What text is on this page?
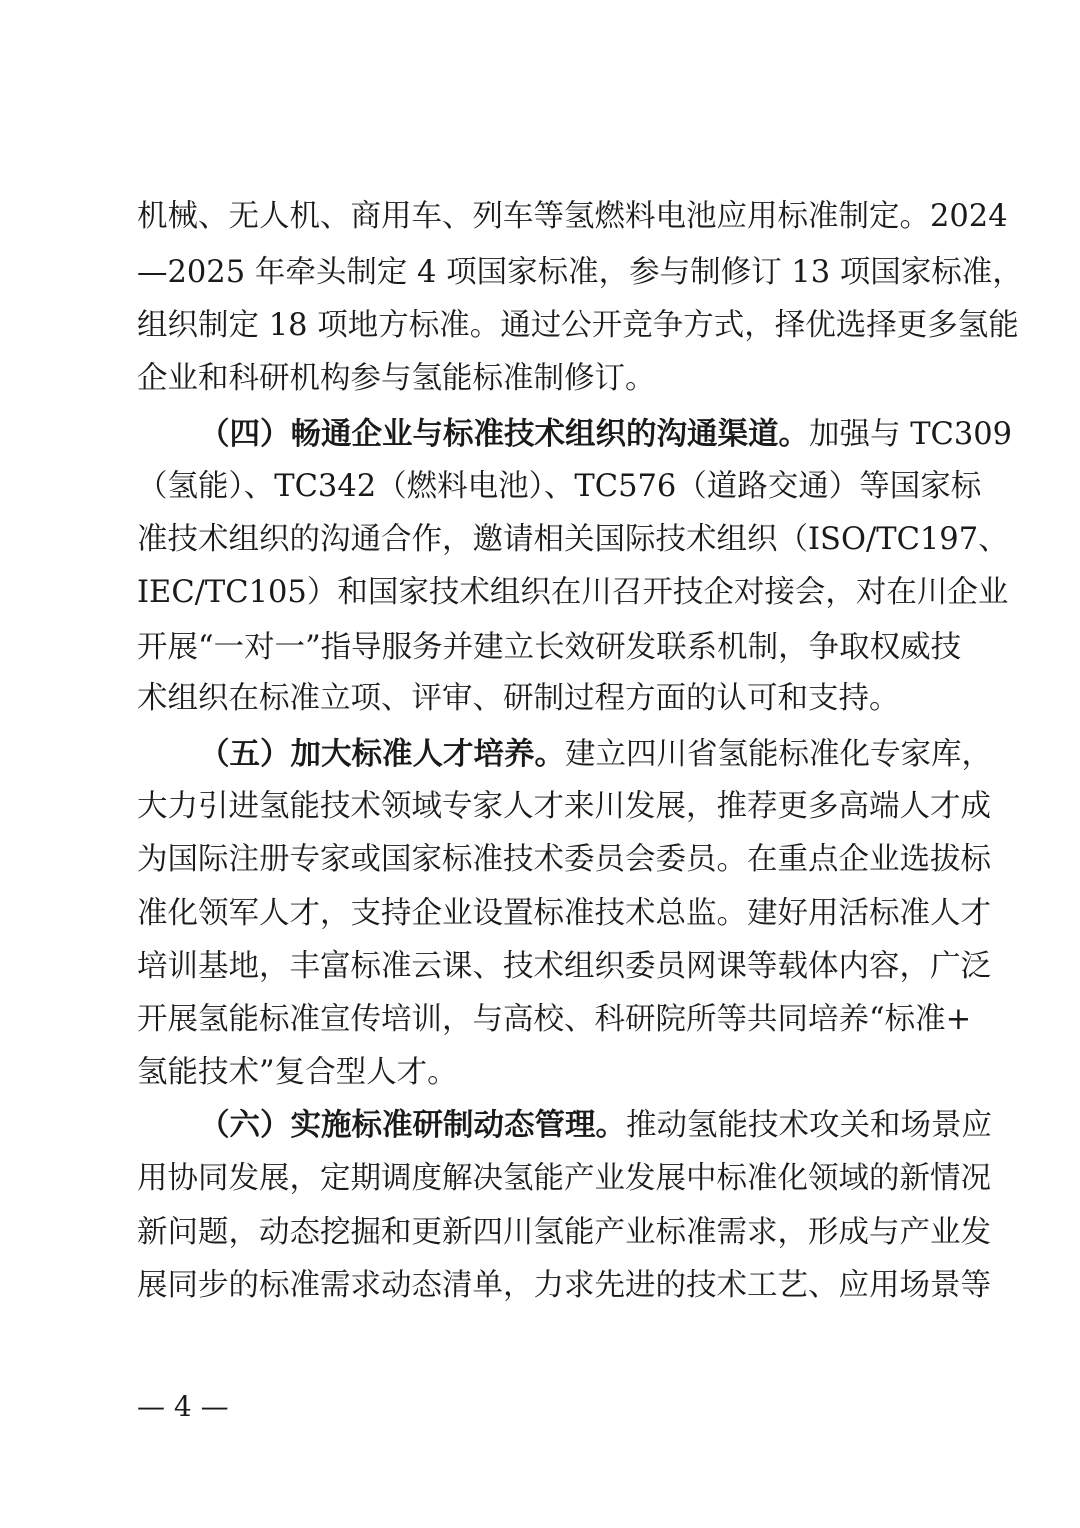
机械、无人机、商用车、列车等氢燃料电池应用标准制定。2024
—2025 年牵头制定 4 项国家标准，参与制修订 13 项国家标准，
组织制定 18 项地方标准。通过公开竞争方式，择优选择更多氢能
企业和科研机构参与氢能标准制修订。
（四）畅通企业与标准技术组织的沟通渠道。加强与 TC309
（氢能）、TC342（燃料电池）、TC576（道路交通）等国家标
准技术组织的沟通合作，邀请相关国际技术组织（ISO/TC197、
IEC/TC105）和国家技术组织在川召开技企对接会，对在川企业
开展“一对一”指导服务并建立长效研发联系机制，争取权威技
术组织在标准立项、评审、研制过程方面的认可和支持。
（五）加大标准人才培养。建立四川省氢能标准化专家库，
大力引进氢能技术领域专家人才来川发展，推荐更多高端人才成
为国际注册专家或国家标准技术委员会委员。在重点企业选拔标
准化领军人才，支持企业设置标准技术总监。建好用活标准人才
培训基地，丰富标准云课、技术组织委员网课等载体内容，广泛
开展氢能标准宣传培训，与高校、科研院所等共同培养“标准+
氢能技术”复合型人才。
（六）实施标准研制动态管理。推动氢能技术攻关和场景应
用协同发展，定期调度解决氢能产业发展中标准化领域的新情况
新问题，动态挖掘和更新四川氢能产业标准需求，形成与产业发
展同步的标准需求动态清单，力求先进的技术工艺、应用场景等
— 4 —
